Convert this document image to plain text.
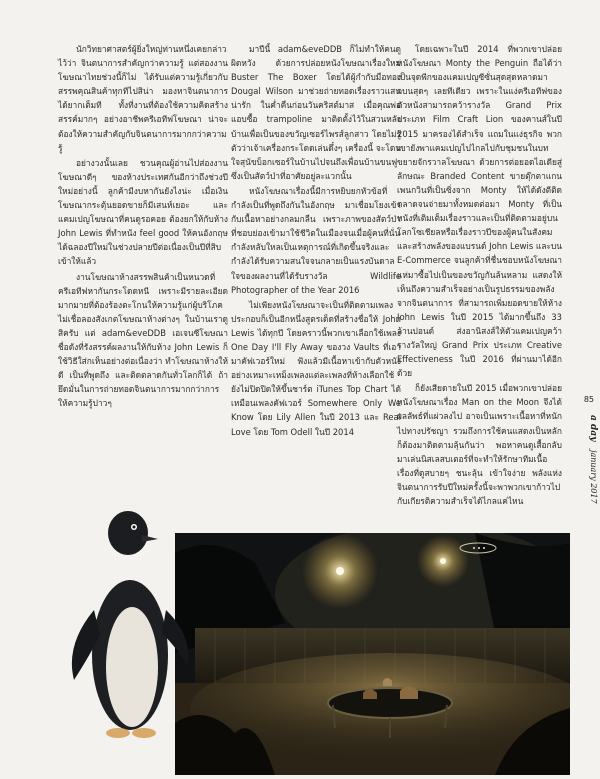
นักวิทยาศาสตร์ผู้ยิ่งใหญ่ท่านหนึ่งเคยกล่าวไว้ว่า จินตนาการสำคัญกว่าความรู้ แต่สองงานโฆษณาไทยช่วงนี้ก็ไม่ ได้รับแต่ความรู้เกี่ยวกับสรรพคุณสินค้าทุกทีไปสิน่า มองหาจินตนาการได้ยากเต็มที ทั้งที่งานที่ต้องใช้ความคิดสร้างสรรค์มากๆ อย่างอาชีพครีเอทีฟโฆษณา น่าจะต้องให้ความสำคัญกับจินตนาการมากกว่าความรู้

อย่างวงนั้นเลย ชวนคุณผู้อ่านไปส่องงานโฆษณาดีๆ ของห้างประเทศกันอีกว่าถึงช่วงปีใหม่อย่างนี้ ลูกค้ามีงบหากันยังไงน่ะ เมื่อเงินโฆษณากระตุ้นยอดขายก็มีเสนห์เยอะ และแคมเปญโฆษณาที่คนดูรอคอย ต้องยกให้กับห้าง John Lewis ที่ทำหนัง feel good ให้คนอังกฤษได้ฉลองปีใหม่ในช่วงปลายปีต่อเนื่องเป็นปีที่สิบเข้าให้แล้ว

งานโฆษณาห้างสรรพสินค้าเป็นหนวดที่ครีเอทีฟหากันกระโดดหนี เพราะมีรายละเอียดมากมายที่ต้องร้องตะโกนให้ความรู้แก่ผู้บริโภค ไม่เชื่อลองสังเกตโฆษณาห้างต่างๆ ในบ้านเราดูสิครับ แต่ adam&eveDDB เอเจนซีโฆษณาชื่อดังที่รังสรรค์ผลงานให้กับห้าง John Lewis ก็ใช้วิธีใส่กเห็นอย่างต่อเนื่องว่า ทำโฆษณาห้างให้ดี เป็นที่พูดถึง และติดตลาดกันทั่วโลกก็ได้ ถ้ายึดมั่นในการถ่ายทอดจินตนาการมากกว่าการให้ความรู้ปาวๆ

มาปีนี้ adam&eveDDB ก็ไม่ทำให้คนดูผิดหวัง ด้วยการปล่อยหนังโฆษณาเรื่องใหม่ Buster The Boxer โดยได้ผู้กำกับมือทอง Dougal Wilson มาช่วยถ่ายทอดเรื่องราวแสนน่ารัก ในค่ำคืนก่อนวันคริสต์มาส เมื่อคุณพ่อแอบซื้อ trampoline มาติดตั้งไว้ในสวนหลังบ้านเพื่อเป็นของขวัญเซอร์ไพรส์ลูกสาว โดยไม่รู้ตัวว่าเจ้าเครื่องกระโดดเล่นดึ๋งๆ เครื่องนี้ จะโดนใจสุนัขบ็อกเซอร์ในบ้านไปจนถึงเพื่อนบ้านขนฟู ซึ่งเป็นสัตว์ป่าที่อาศัยอยู่ละแวกนั้น

หนังโฆษณาเรื่องนี้มีการหยิบยกหัวข้อที่กำลังเป็นที่พูดถึงกันในอังกฤษ มาเชื่อมโยงเข้ากับเนื้อหาอย่างกลมกลืน เพราะภาพของสัตว์ป่าที่ชอบย่องเข้ามาใช้ชีวิตในเมืองจนเมื่อผู้คนที่นั่นกำลังหลับใหลเป็นเหตุการณ์ที่เกิดขึ้นจริงและกำลังได้รับความสนใจจนกลายเป็นแรงบันดาลใจของผลงานที่ได้รับรางวัล Wildlife Photographer of the Year 2016

ไม่เพียงหนังโฆษณาจะเป็นที่ติดตามเพลงประกอบก็เป็นอีกหนึ่งสูตรเด็ดที่สร้างชื่อให้ John Lewis ได้ทุกปี โดยคราวนี้พวกเขาเลือกใช้เพลง One Day I'll Fly Away ของวง Vaults ที่เอามาคัฟเวอร์ใหม่ ฟังแล้วมีเนื้อหาเข้ากับตัวหนังอย่างเหมาะเหม็งเพลงแต่ละเพลงที่ห้างเลือกใช้ยังไม่ปิดปิดให้ขึ้นชาร์ต iTunes Top Chart ได้เหมือนเพลงคัฟเวอร์ Somewhere Only We Know โดย Lily Allen ในปี 2013 และ Real Love โดย Tom Odell ในปี 2014

โดยเฉพาะในปี 2014 ที่พวกเขาปล่อยหนังโฆษณา Monty the Penguin ถือได้ว่าเป็นจุดพีกของแคมเปญซีซั่นสุดสุดหลาดมากบนสุดๆ เลยทีเดียว เพราะในแง่ครีเอทีฟของตัวหนังสามารถคว้ารางวัล Grand Prix ประเภท Film Craft Lion ของคานส์ในปี 2015 มาครองได้สำเร็จ แถมในแง่ธุรกิจ พวกเขายังพาแคมเปญไปไกลไปกับชุมชนในบทขยายจักรวาลโฆษณา ด้วยการต่อยอดไอเดียสู่ลักษณะ Branded Content ขายตุ๊กตาแกนเพนกวินที่เป็นซิ่งจาก Monty ให้ได้ดังตีติดตลาดจนจ่ายมาทั้งหมดต่อมา Monty ที่เป็นหนังที่เติมเต็มเรื่องราวและเป็นที่ติดตามอยู่บนโลกโซเชียลหรือเรื่องราวปีของผู้คนในสังคม และสร้างพลังของแบรนด์ John Lewis และบน E-Commerce จนลูกค้าที่ชื่นชอบหนังโฆษณาแห่มาซื้อไปเป็นของขวัญกันล้นหลาม แสดงให้เห็นถึงความสำเร็จอย่างเป็นรูปธรรมของพลังจากจินตนาการ ที่สามารถเพิ่มยอดขายให้ห้าง John Lewis ในปี 2015 ได้มากขึ้นถึง 33 ล้านปอนด์ ส่งอานิสงส์ให้ตัวแคมเปญคว้ารางวัลใหญ่ Grand Prix ประเภท Creative Effectiveness ในปี 2016 ที่ผ่านมาได้อีกด้วย

ก็ยังเสียดายในปี 2015 เมื่อพวกเขาปล่อยหนังโฆษณาเรื่อง Man on the Moon จึงได้ผลลัพธ์ที่แผ่วลงไป อาจเป็นเพราะเนื้อหาที่หนักไปทางปรัชญา รวมถึงการใช้คนแสดงเป็นหลัก ก็ต้องมาติดตามลุ้นกันว่า พอหาคนดูเสื้อกลับมาเล่นนิสเลสบเตอร์ที่จะทำให้รักษาทีมเนื้อเรื่องที่ดูสบายๆ ชนะลุ้น เข้าใจง่าย พลังแห่งจินตนาการรับปีใหม่ครั้งนี้จะพาพวกเขาก้าวไปกับเกียรติความสำเร็จได้ไกลแค่ไหน

85
a day january 2017
